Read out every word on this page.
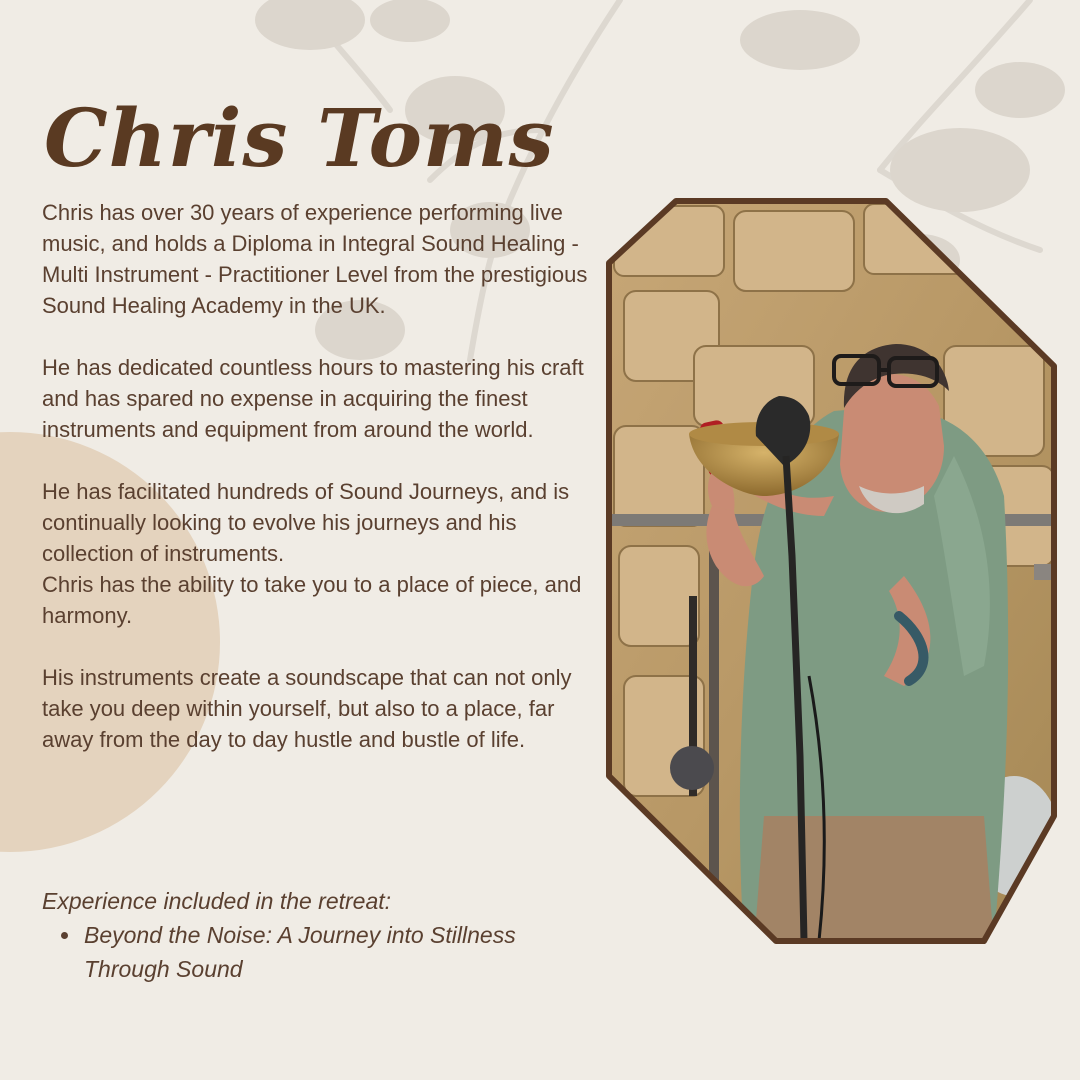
Chris Toms

Chris has over 30 years of experience performing live music, and holds a Diploma in Integral Sound Healing - Multi Instrument - Practitioner Level from the prestigious Sound Healing Academy in the UK.

He has dedicated countless hours to mastering his craft and has spared no expense in acquiring the finest instruments and equipment from around the world.

He has facilitated hundreds of Sound Journeys, and is continually looking to evolve his journeys and his collection of instruments.

Chris has the ability to take you to a place of piece, and harmony.

His instruments create a soundscape that can not only take you deep within yourself, but also to a place, far away from the day to day hustle and bustle of life.

Experience included in the retreat:

• Beyond the Noise: A Journey into Stillness Through Sound
